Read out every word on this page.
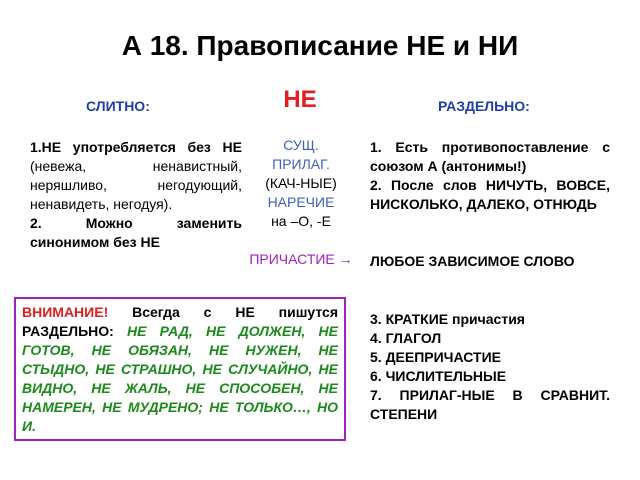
А 18. Правописание НЕ и НИ
СЛИТНО:	НЕ	РАЗДЕЛЬНО:
1.НЕ употребляется без НЕ (невежа, ненавистный, неряшливо, негодующий, ненавидеть, негодуя).
2. Можно заменить синонимом без НЕ
СУЩ.
ПРИЛАГ.
(КАЧ-НЫЕ)
НАРЕЧИЕ
на –О, -Е
ПРИЧАСТИЕ →
1. Есть противопоставление с союзом А (антонимы!)
2. После слов НИЧУТЬ, ВОВСЕ, НИСКОЛЬКО, ДАЛЕКО, ОТНЮДЬ
ЛЮБОЕ ЗАВИСИМОЕ СЛОВО
3. КРАТКИЕ причастия
4. ГЛАГОЛ
5. ДЕЕПРИЧАСТИЕ
6. ЧИСЛИТЕЛЬНЫЕ
7. ПРИЛАГ-НЫЕ В СРАВНИТ. СТЕПЕНИ
ВНИМАНИЕ! Всегда с НЕ пишутся РАЗДЕЛЬНО: НЕ РАД, НЕ ДОЛЖЕН, НЕ ГОТОВ, НЕ ОБЯЗАН, НЕ НУЖЕН, НЕ СТЫДНО, НЕ СТРАШНО, НЕ СЛУЧАЙНО, НЕ ВИДНО, НЕ ЖАЛЬ, НЕ СПОСОБЕН, НЕ НАМЕРЕН, НЕ МУДРЕНО; НЕ ТОЛЬКО…, НО И.
